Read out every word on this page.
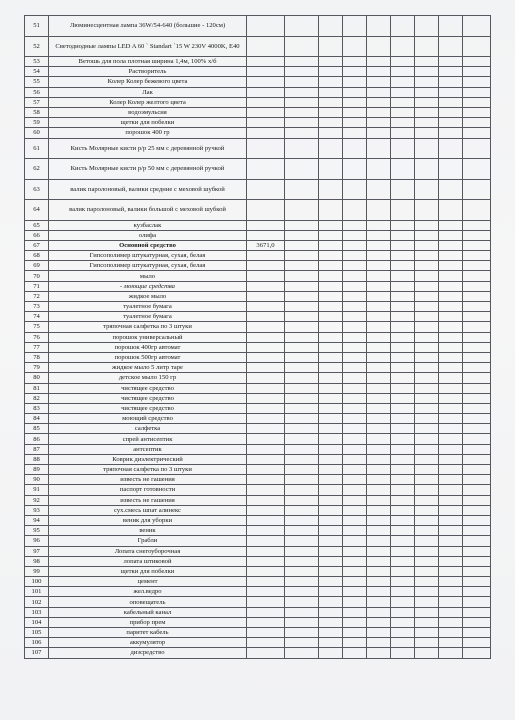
51	Люминесцентная лампа 36W/54-640 (большие - 120см)									
52	Светодиодные лампы LED A 60 ` Standart `15 W 230V 4000K, E40									
53	Ветошь для пола плотная ширина 1,4м, 100% х/б									
54	Растворитель									
55	Колер Колер бежевого цвета									
56	Лак									
57	Колер Колер желтого цвета									
58	водоэмульсия									
59	щетки для побелки									
60	порошок 400 гр									
61	Кисть Молярные кисти р/р 25 мм с деревянной ручкой									
62	Кисть Молярные кисти р/р 50 мм с деревянной ручкой									
63	валик паролоновый, валики средние с меховой шубкой									
64	валик паролоновый, валики большой с меховой шубкой									
65	кузбаслак									
66	олифа									
67	Основной средство	3671,0								
68	Гипсополимер штукатурная, сухая, белая									
69	Гипсополимер штукатурная, сухая, белая									
70	мыло									
71	- моющие средства									
72	жидкое мыло									
73	туалетное бумага									
74	туалетное бумага									
75	тряпочная салфетка по 3 штуки									
76	порошок универсальный									
77	порошок 400гр автомат									
78	порошок 500гр автомат									
79	жидкое мыло 5 литр таре									
80	детское мыло 150 гр									
81	чистящее средство									
82	чистящее средство									
83	чистящее средство									
84	моющий средство									
85	салфетка									
86	спрей антисептик									
87	антсептик									
88	Коврик диэлектрический									
89	тряпочная салфетка по 3 штуки									
90	известь не гашения									
91	паспорт готовности									
92	известь не гашения									
93	сух.смесь шпат алинекс									
94	веник для уборки									
95	веник									
96	Грабли									
97	Лопата снегоуборочная									
98	лопата штиковой									
99	щетки для побелки									
100	цемент									
101	жел.ведро									
102	оповещатель									
103	кабельный канал									
104	прибор прем									
105	паритет кабель									
106	аккумулятор									
107	дизсредство									
